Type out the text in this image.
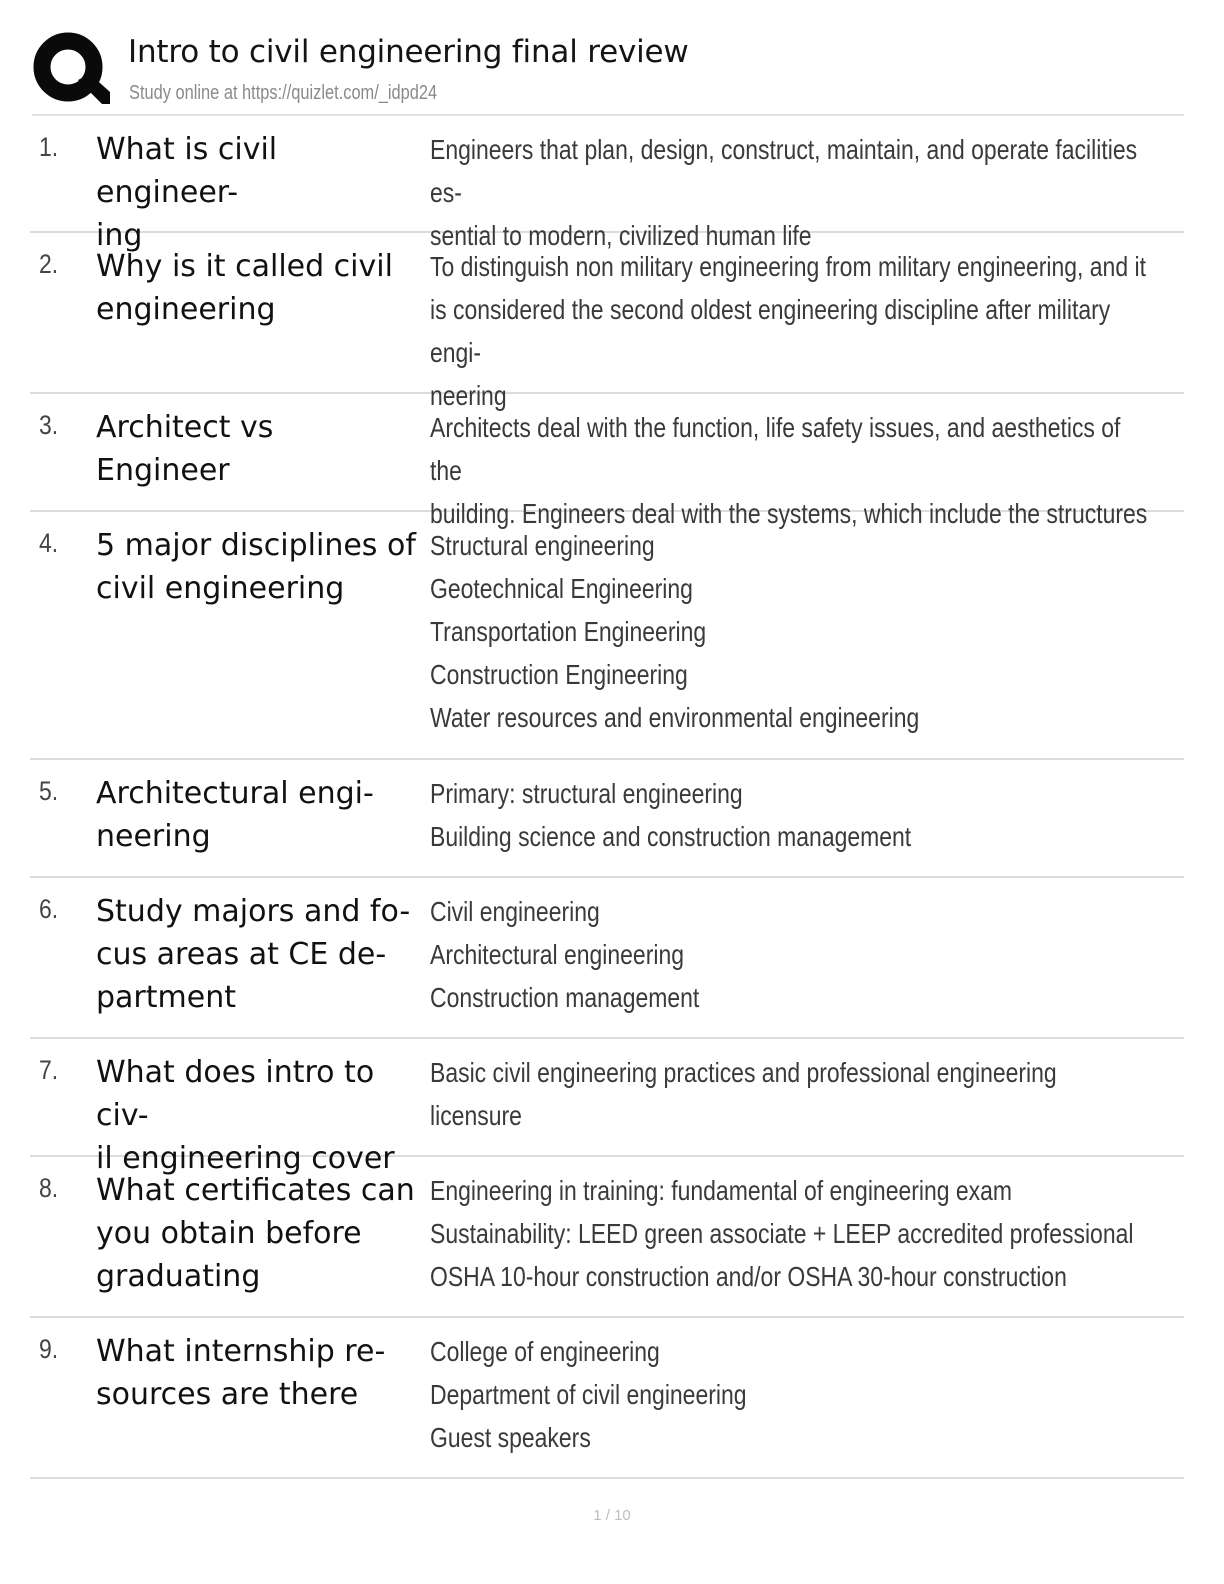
Intro to civil engineering final review
Study online at https://quizlet.com/_idpd24
1. What is civil engineer-
ing
Engineers that plan, design, construct, maintain, and operate facilities es-
sential to modern, civilized human life
2. Why is it called civil
engineering
To distinguish non military engineering from military engineering, and it
is considered the second oldest engineering discipline after military engi-
neering
3. Architect vs Engineer
Architects deal with the function, life safety issues, and aesthetics of the
building. Engineers deal with the systems, which include the structures
4. 5 major disciplines of
civil engineering
Structural engineering
Geotechnical Engineering
Transportation Engineering
Construction Engineering
Water resources and environmental engineering
5. Architectural engi-
neering
Primary: structural engineering
Building science and construction management
6. Study majors and fo-
cus areas at CE de-
partment
Civil engineering
Architectural engineering
Construction management
7. What does intro to civ-
il engineering cover
Basic civil engineering practices and professional engineering licensure
8. What certificates can
you obtain before
graduating
Engineering in training: fundamental of engineering exam
Sustainability: LEED green associate + LEEP accredited professional
OSHA 10-hour construction and/or OSHA 30-hour construction
9. What internship re-
sources are there
College of engineering
Department of civil engineering
Guest speakers
1 / 10
